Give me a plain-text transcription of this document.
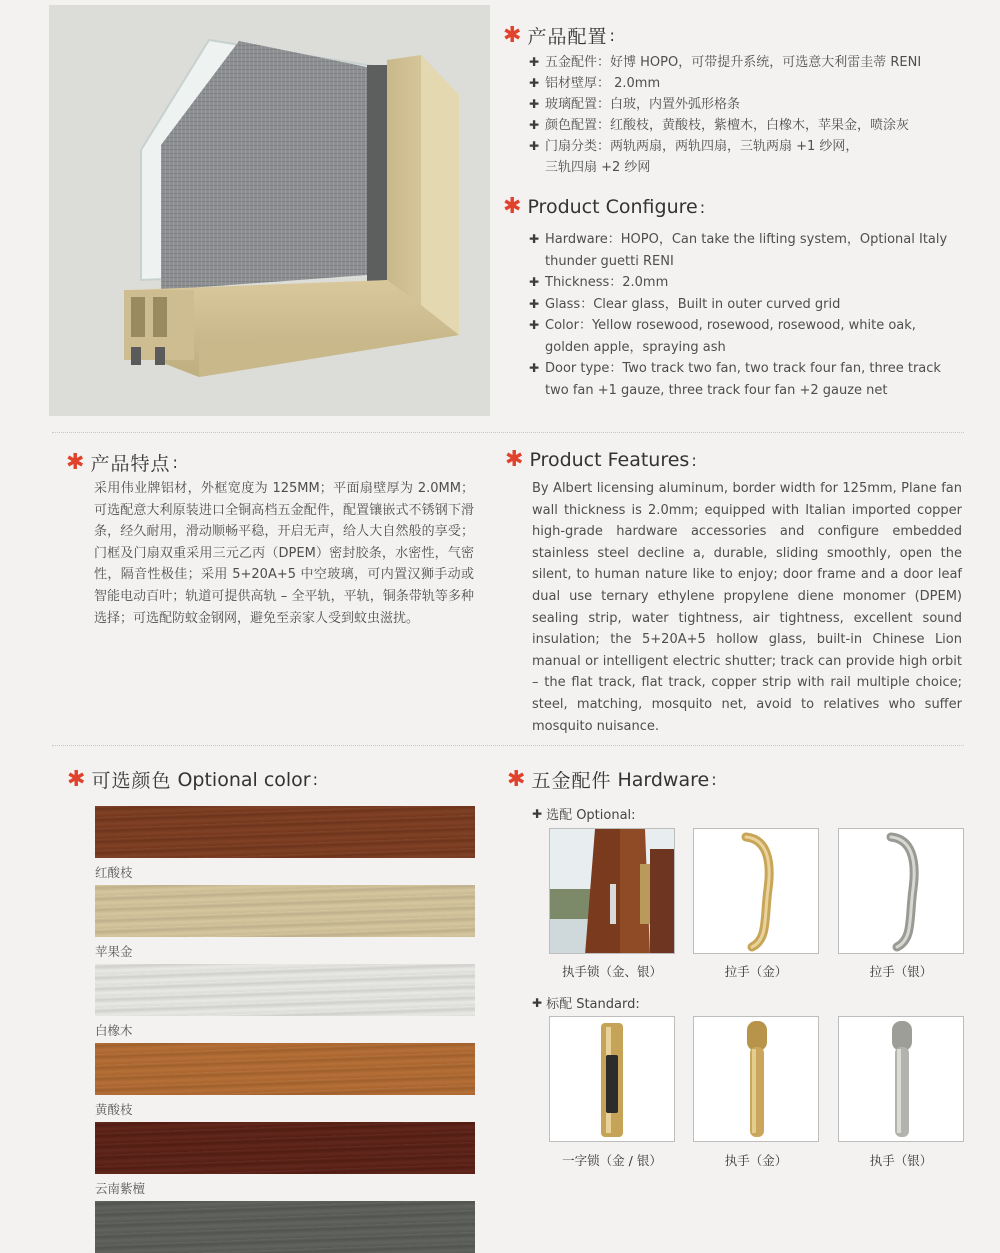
✱ 产品配置 :
✚ 五金配件：好博 HOPO，可带提升系统，可选意大利雷圭蒂 RENI
✚ 铝材壁厚： 2.0mm
✚ 玻璃配置：白玻，内置外弧形格条
✚ 颜色配置：红酸枝，黄酸枝，紫檀木，白橡木，苹果金，喷涂灰
✚ 门扇分类：两轨两扇，两轨四扇，三轨两扇 +1 纱网，
三轨四扇 +2 纱网
✱ Product Configure :
✚ Hardware：HOPO，Can take the lifting system，Optional Italy
thunder guetti RENI
✚ Thickness：2.0mm
✚ Glass：Clear glass，Built in outer curved grid
✚ Color：Yellow rosewood, rosewood, rosewood, white oak,
golden apple，spraying ash
✚ Door type：Two track two fan, two track four fan, three track
two fan +1 gauze, three track four fan +2 gauze net
✱ 产品特点 :

采用伟业牌铝材，外框宽度为 125MM；平面扇壁厚为 2.0MM；可选配意大利原装进口全铜高档五金配件，配置镶嵌式不锈钢下滑条，经久耐用，滑动顺畅平稳，开启无声，给人大自然般的享受；门框及门扇双重采用三元乙丙（DPEM）密封胶条，水密性，气密性，隔音性极佳；采用 5+20A+5 中空玻璃，可内置汉狮手动或智能电动百叶；轨道可提供高轨 – 全平轨，平轨，铜条带轨等多种选择；可选配防蚊金钢网，避免至亲家人受到蚊虫滋扰。

✱ Product Features :

By Albert licensing aluminum, border width for 125mm, Plane fan wall thickness is 2.0mm; equipped with Italian imported copper high-grade hardware accessories and configure embedded stainless steel decline a, durable, sliding smoothly, open the silent, to human nature like to enjoy; door frame and a door leaf dual use ternary ethylene propylene diene monomer (DPEM) sealing strip, water tightness, air tightness, excellent sound insulation; the 5+20A+5 hollow glass, built-in Chinese Lion manual or intelligent electric shutter; track can provide high orbit – the flat track, flat track, copper strip with rail multiple choice; steel, matching, mosquito net, avoid to relatives who suffer mosquito nuisance.

✱ 可选颜色 Optional color :
红酸枝
苹果金
白橡木
黄酸枝
云南紫檀
✱ 五金配件 Hardware :
✚ 选配 Optional:
执手锁（金、银）	拉手（金）	拉手（银）
✚ 标配 Standard:
一字锁（金 / 银）	执手（金）	执手（银）
